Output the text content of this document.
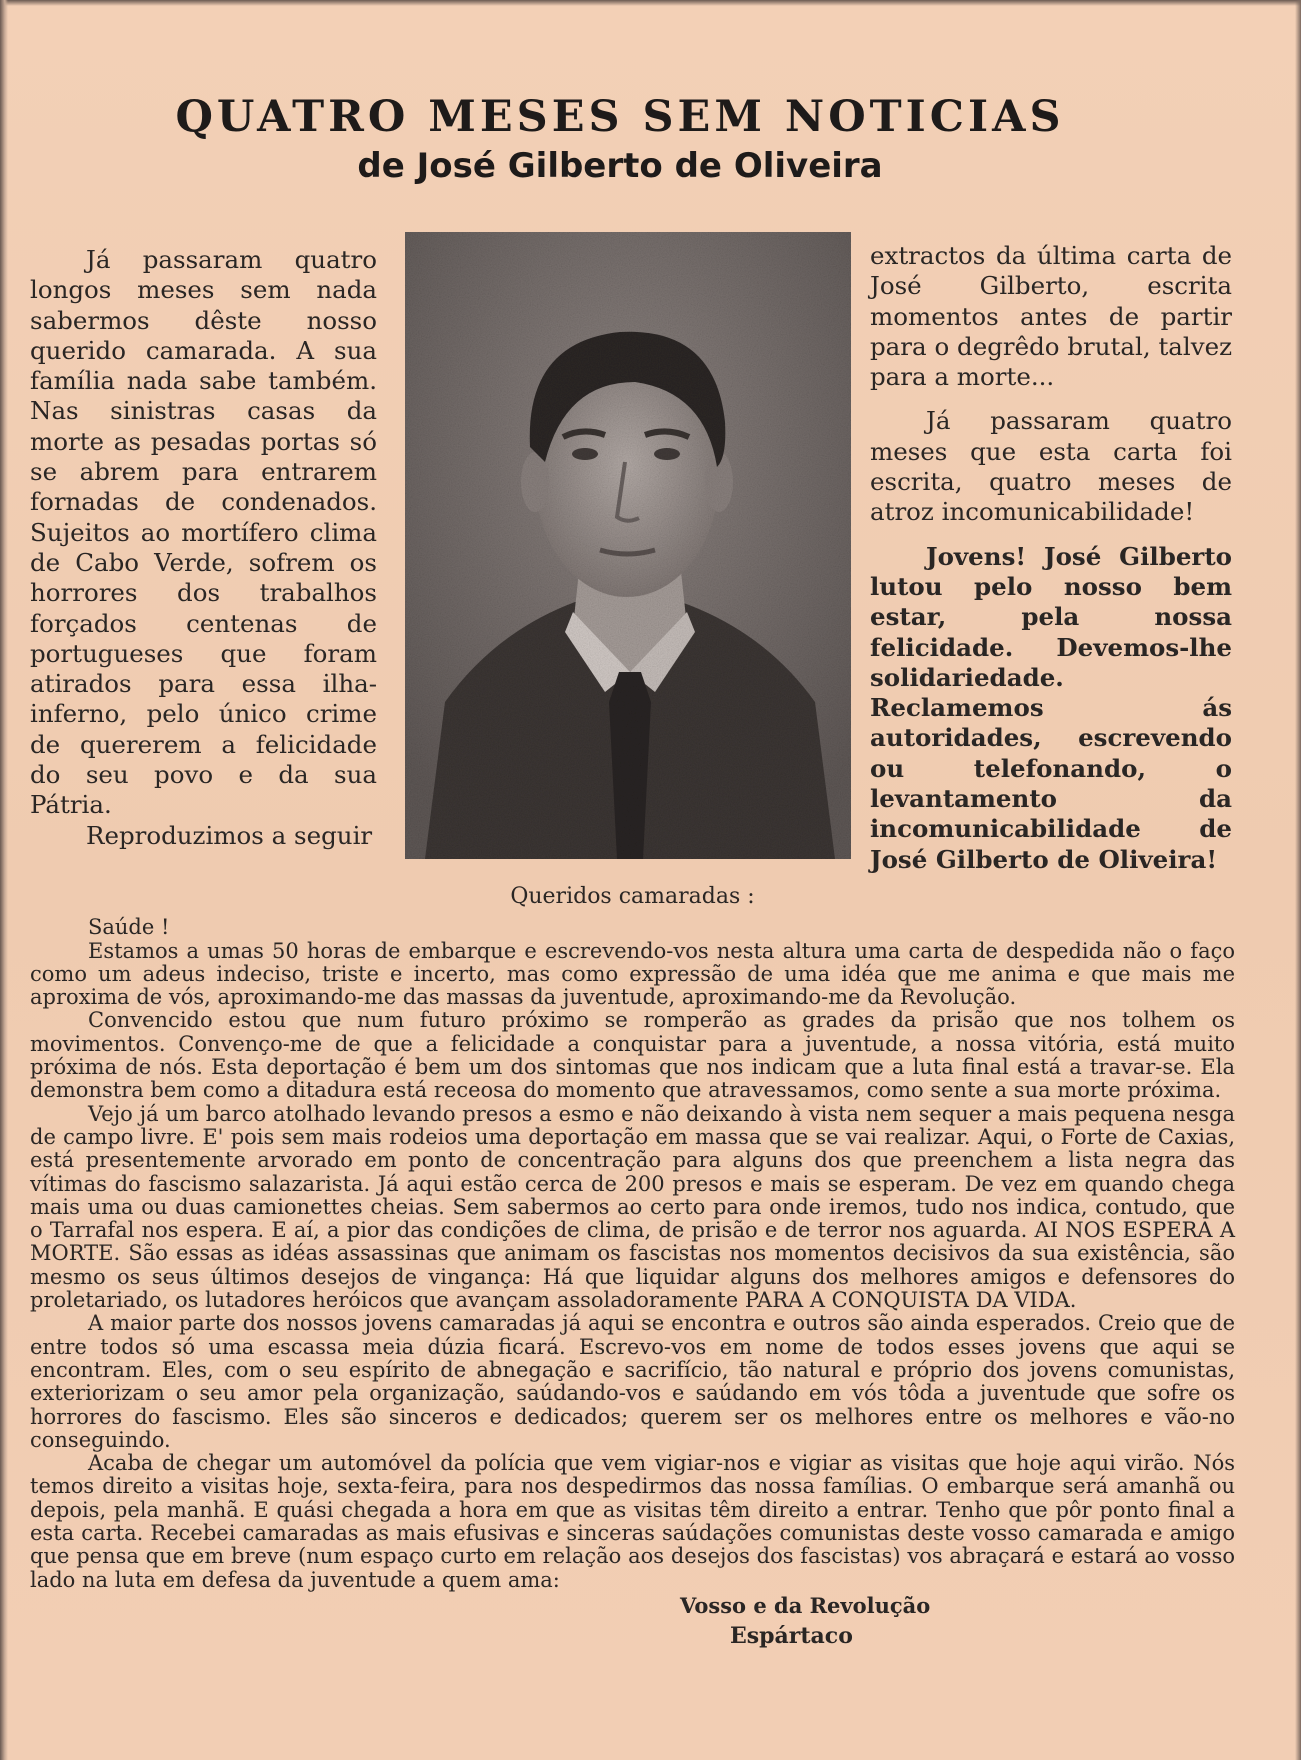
QUATRO MESES SEM NOTICIAS
de José Gilberto de Oliveira

Já passaram quatro longos meses sem nada sabermos dêste nosso querido camarada. A sua família nada sabe também. Nas sinistras casas da morte as pesadas portas só se abrem para entrarem fornadas de condenados. Sujeitos ao mortífero clima de Cabo Verde, sofrem os horrores dos trabalhos forçados centenas de portugueses que foram atirados para essa ilha-inferno, pelo único crime de quererem a felicidade do seu povo e da sua Pátria.

Reproduzimos a seguir

extractos da última carta de José Gilberto, escrita momentos antes de partir para o degrêdo brutal, talvez para a morte...

Já passaram quatro meses que esta carta foi escrita, quatro meses de atroz incomunicabilidade!

Jovens! José Gilberto lutou pelo nosso bem estar, pela nossa felicidade. Devemos-lhe solidariedade. Reclamemos ás autoridades, escrevendo ou telefonando, o levantamento da incomunicabilidade de José Gilberto de Oliveira!

Queridos camaradas :
Saúde !

Estamos a umas 50 horas de embarque e escrevendo-vos nesta altura uma carta de despedida não o faço como um adeus indeciso, triste e incerto, mas como expressão de uma idéa que me anima e que mais me aproxima de vós, aproximando-me das massas da juventude, aproximando-me da Revolução.

Convencido estou que num futuro próximo se romperão as grades da prisão que nos tolhem os movimentos. Convenço-me de que a felicidade a conquistar para a juventude, a nossa vitória, está muito próxima de nós. Esta deportação é bem um dos sintomas que nos indicam que a luta final está a travar-se. Ela demonstra bem como a ditadura está receosa do momento que atravessamos, como sente a sua morte próxima.

Vejo já um barco atolhado levando presos a esmo e não deixando à vista nem sequer a mais pequena nesga de campo livre. E' pois sem mais rodeios uma deportação em massa que se vai realizar. Aqui, o Forte de Caxias, está presentemente arvorado em ponto de concentração para alguns dos que preenchem a lista negra das vítimas do fascismo salazarista. Já aqui estão cerca de 200 presos e mais se esperam. De vez em quando chega mais uma ou duas camionettes cheias. Sem sabermos ao certo para onde iremos, tudo nos indica, contudo, que o Tarrafal nos espera. E aí, a pior das condições de clima, de prisão e de terror nos aguarda. AI NOS ESPERA A MORTE. São essas as idéas assassinas que animam os fascistas nos momentos decisivos da sua existência, são mesmo os seus últimos desejos de vingança: Há que liquidar alguns dos melhores amigos e defensores do proletariado, os lutadores heróicos que avançam assoladoramente PARA A CONQUISTA DA VIDA.

A maior parte dos nossos jovens camaradas já aqui se encontra e outros são ainda esperados. Creio que de entre todos só uma escassa meia dúzia ficará. Escrevo-vos em nome de todos esses jovens que aqui se encontram. Eles, com o seu espírito de abnegação e sacrifício, tão natural e próprio dos jovens comunistas, exteriorizam o seu amor pela organização, saúdando-vos e saúdando em vós tôda a juventude que sofre os horrores do fascismo. Eles são sinceros e dedicados; querem ser os melhores entre os melhores e vão-no conseguindo.

Acaba de chegar um automóvel da polícia que vem vigiar-nos e vigiar as visitas que hoje aqui virão. Nós temos direito a visitas hoje, sexta-feira, para nos despedirmos das nossa famílias. O embarque será amanhã ou depois, pela manhã. E quási chegada a hora em que as visitas têm direito a entrar. Tenho que pôr ponto final a esta carta. Recebei camaradas as mais efusivas e sinceras saúdações comunistas deste vosso camarada e amigo que pensa que em breve (num espaço curto em relação aos desejos dos fascistas) vos abraçará e estará ao vosso lado na luta em defesa da juventude a quem ama:

Vosso e da Revolução
Espártaco
